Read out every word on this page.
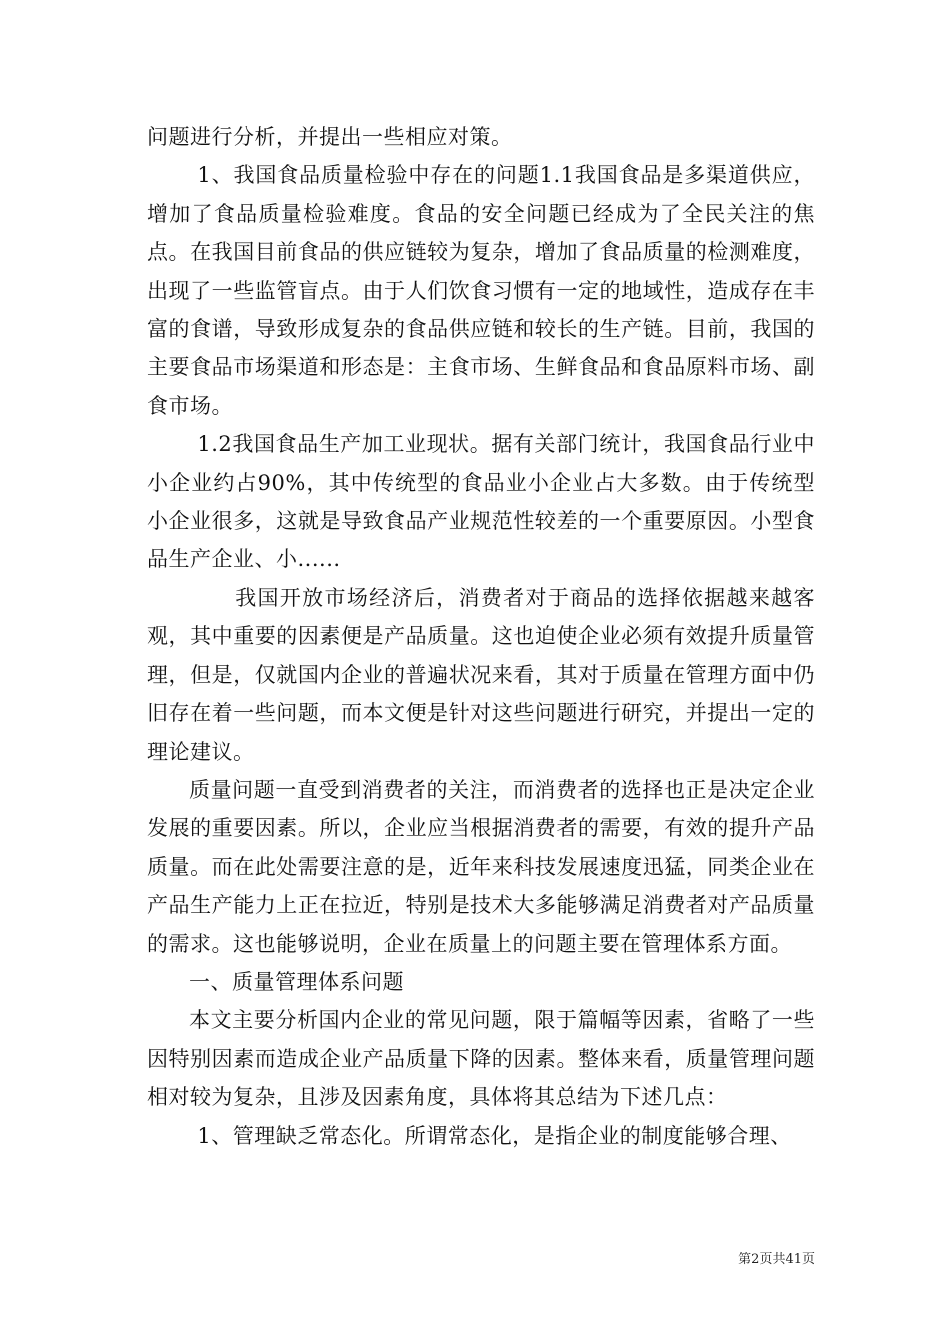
问题进行分析，并提出一些相应对策。

1、我国食品质量检验中存在的问题1.1我国食品是多渠道供应，增加了食品质量检验难度。食品的安全问题已经成为了全民关注的焦点。在我国目前食品的供应链较为复杂，增加了食品质量的检测难度，出现了一些监管盲点。由于人们饮食习惯有一定的地域性，造成存在丰富的食谱，导致形成复杂的食品供应链和较长的生产链。目前，我国的主要食品市场渠道和形态是：主食市场、生鲜食品和食品原料市场、副食市场。

1.2我国食品生产加工业现状。据有关部门统计，我国食品行业中小企业约占90%，其中传统型的食品业小企业占大多数。由于传统型小企业很多，这就是导致食品产业规范性较差的一个重要原因。小型食品生产企业、小......

我国开放市场经济后，消费者对于商品的选择依据越来越客观，其中重要的因素便是产品质量。这也迫使企业必须有效提升质量管理，但是，仅就国内企业的普遍状况来看，其对于质量在管理方面中仍旧存在着一些问题，而本文便是针对这些问题进行研究，并提出一定的理论建议。

质量问题一直受到消费者的关注，而消费者的选择也正是决定企业发展的重要因素。所以，企业应当根据消费者的需要，有效的提升产品质量。而在此处需要注意的是，近年来科技发展速度迅猛，同类企业在产品生产能力上正在拉近，特别是技术大多能够满足消费者对产品质量的需求。这也能够说明，企业在质量上的问题主要在管理体系方面。

一、质量管理体系问题

本文主要分析国内企业的常见问题，限于篇幅等因素，省略了一些因特别因素而造成企业产品质量下降的因素。整体来看，质量管理问题相对较为复杂，且涉及因素角度，具体将其总结为下述几点：

1、管理缺乏常态化。所谓常态化，是指企业的制度能够合理、

第2页共41页
